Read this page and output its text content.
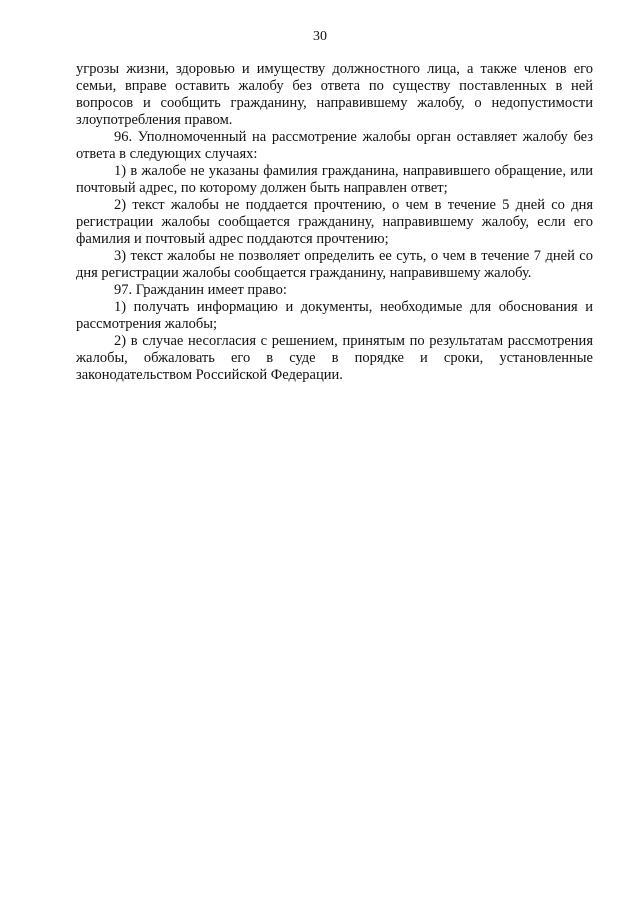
30

угрозы жизни, здоровью и имуществу должностного лица, а также членов его семьи, вправе оставить жалобу без ответа по существу поставленных в ней вопросов и сообщить гражданину, направившему жалобу, о недопустимости злоупотребления правом.

96. Уполномоченный на рассмотрение жалобы орган оставляет жалобу без ответа в следующих случаях:

1) в жалобе не указаны фамилия гражданина, направившего обращение, или почтовый адрес, по которому должен быть направлен ответ;

2) текст жалобы не поддается прочтению, о чем в течение 5 дней со дня регистрации жалобы сообщается гражданину, направившему жалобу, если его фамилия и почтовый адрес поддаются прочтению;

3) текст жалобы не позволяет определить ее суть, о чем в течение 7 дней со дня регистрации жалобы сообщается гражданину, направившему жалобу.

97. Гражданин имеет право:

1) получать информацию и документы, необходимые для обоснования и рассмотрения жалобы;

2) в случае несогласия с решением, принятым по результатам рассмотрения жалобы, обжаловать его в суде в порядке и сроки, установленные законодательством Российской Федерации.
